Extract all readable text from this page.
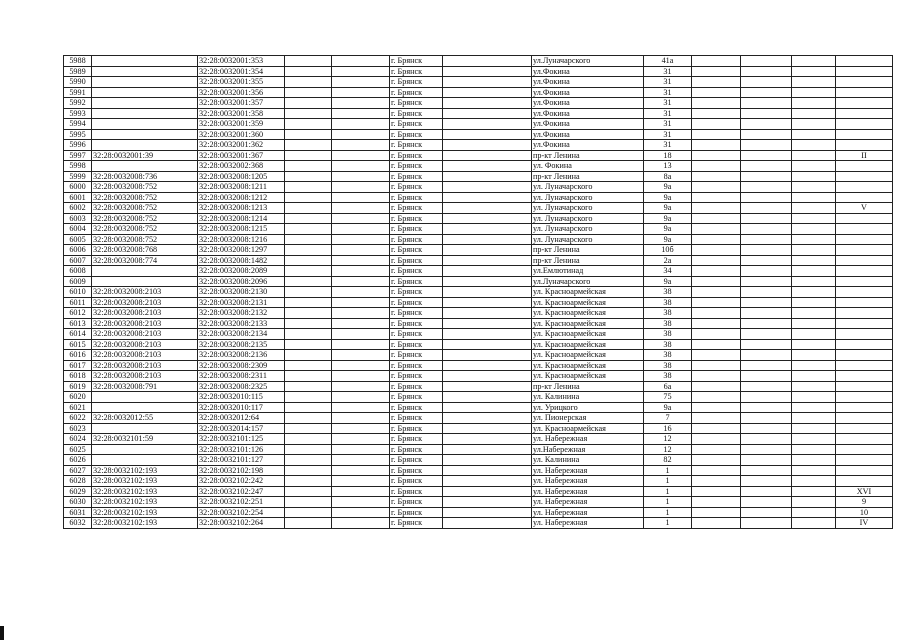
5988		32:28:0032001:353			г. Брянск		ул.Луначарского	41а				
5989		32:28:0032001:354			г. Брянск		ул.Фокина	31				
5990		32:28:0032001:355			г. Брянск		ул.Фокина	31				
5991		32:28:0032001:356			г. Брянск		ул.Фокина	31				
5992		32:28:0032001:357			г. Брянск		ул.Фокина	31				
5993		32:28:0032001:358			г. Брянск		ул.Фокина	31				
5994		32:28:0032001:359			г. Брянск		ул.Фокина	31				
5995		32:28:0032001:360			г. Брянск		ул.Фокина	31				
5996		32:28:0032001:362			г. Брянск		ул.Фокина	31				
5997	32:28:0032001:39	32:28:0032001:367			г. Брянск		пр-кт Ленина	18				II
5998		32:28:0032002:368			г. Брянск		ул. Фокина	13				
5999	32:28:0032008:736	32:28:0032008:1205			г. Брянск		пр-кт Ленина	8а				
6000	32:28:0032008:752	32:28:0032008:1211			г. Брянск		ул. Луначарского	9а				
6001	32:28:0032008:752	32:28:0032008:1212			г. Брянск		ул. Луначарского	9а				
6002	32:28:0032008:752	32:28:0032008:1213			г. Брянск		ул. Луначарского	9а				V
6003	32:28:0032008:752	32:28:0032008:1214			г. Брянск		ул. Луначарского	9а				
6004	32:28:0032008:752	32:28:0032008:1215			г. Брянск		ул. Луначарского	9а				
6005	32:28:0032008:752	32:28:0032008:1216			г. Брянск		ул. Луначарского	9а				
6006	32:28:0032008:768	32:28:0032008:1297			г. Брянск		пр-кт Ленина	10б				
6007	32:28:0032008:774	32:28:0032008:1482			г. Брянск		пр-кт Ленина	2а				
6008		32:28:0032008:2089			г. Брянск		ул.Емлютинад	34				
6009		32:28:0032008:2096			г. Брянск		ул.Луначарского	9а				
6010	32:28:0032008:2103	32:28:0032008:2130			г. Брянск		ул. Красноармейская	38				
6011	32:28:0032008:2103	32:28:0032008:2131			г. Брянск		ул. Красноармейская	38				
6012	32:28:0032008:2103	32:28:0032008:2132			г. Брянск		ул. Красноармейская	38				
6013	32:28:0032008:2103	32:28:0032008:2133			г. Брянск		ул. Красноармейская	38				
6014	32:28:0032008:2103	32:28:0032008:2134			г. Брянск		ул. Красноармейская	38				
6015	32:28:0032008:2103	32:28:0032008:2135			г. Брянск		ул. Красноармейская	38				
6016	32:28:0032008:2103	32:28:0032008:2136			г. Брянск		ул. Красноармейская	38				
6017	32:28:0032008:2103	32:28:0032008:2309			г. Брянск		ул. Красноармейская	38				
6018	32:28:0032008:2103	32:28:0032008:2311			г. Брянск		ул. Красноармейская	38				
6019	32:28:0032008:791	32:28:0032008:2325			г. Брянск		пр-кт Ленина	6а				
6020		32:28:0032010:115			г. Брянск		ул. Калинина	75				
6021		32:28:0032010:117			г. Брянск		ул. Урицкого	9а				
6022	32:28:0032012:55	32:28:0032012:64			г. Брянск		ул. Пионерская	7				
6023		32:28:0032014:157			г. Брянск		ул. Красноармейская	16				
6024	32:28:0032101:59	32:28:0032101:125			г. Брянск		ул. Набережная	12				
6025		32:28:0032101:126			г. Брянск		ул.Набережная	12				
6026		32:28:0032101:127			г. Брянск		ул. Калинина	82				
6027	32:28:0032102:193	32:28:0032102:198			г. Брянск		ул. Набережная	1				
6028	32:28:0032102:193	32:28:0032102:242			г. Брянск		ул. Набережная	1				
6029	32:28:0032102:193	32:28:0032102:247			г. Брянск		ул. Набережная	1				XVI
6030	32:28:0032102:193	32:28:0032102:251			г. Брянск		ул. Набережная	1				9
6031	32:28:0032102:193	32:28:0032102:254			г. Брянск		ул. Набережная	1				10
6032	32:28:0032102:193	32:28:0032102:264			г. Брянск		ул. Набережная	1				IV
